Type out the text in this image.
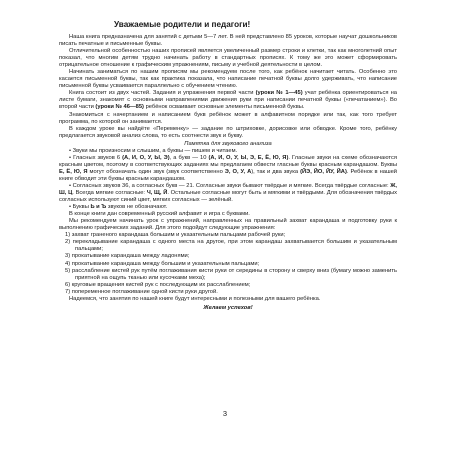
Уважаемые родители и педагоги!

Наша книга предназначена для занятий с детьми 5—7 лет. В ней представлено 85 уроков, которые научат дошкольников писать печатные и письменные буквы.

Отличительной особенностью наших прописей является увеличенный размер строки и клетки, так как многолетний опыт показал, что многим детям трудно начинать работу в стандартных прописях. К тому же это может сформировать отрицательное отношение к графическим упражнениям, письму и учебной деятельности в целом.

Начинать заниматься по нашим прописям мы рекомендуем после того, как ребёнок начитает читать. Особенно это касается письменной буквы, так как практика показала, что написание печатной буквы долго удерживать, что написание письменной буквы усваивается параллельно с обучением чтению.

Книга состоит из двух частей. Задания и упражнения первой части (уроки № 1—45) учат ребёнка ориентироваться на листе бумаги, знакомят с основными направлениями движения руки при написании печатной буквы («печатанием»). Во второй части (уроки № 46—85) ребёнок осваивает основные элементы письменной буквы.

Знакомиться с начертанием и написанием букв ребёнок может в алфавитном порядке или так, как того требует программа, по которой он занимается.

В каждом уроке вы найдёте «Переменку» — задание по штриховке, дорисовке или обводке. Кроме того, ребёнку предлагается звуковой анализ слова, то есть соотнести звук и букву.

Памятка для звукового анализа

• Звуки мы произносим и слышим, а буквы — пишем и читаем.

• Гласных звуков 6 (А, И, О, У, Ы, Э), а букв — 10 (А, И, О, У, Ы, Э, Е, Ё, Ю, Я). Гласные звуки на схеме обозначаются красным цветом, поэтому в соответствующих заданиях мы предлагаем обвести гласные буквы красным карандашом. Буквы Е, Ё, Ю, Я могут обозначать один звук (звук соответственно Э, О, У, А), так и два звука (ЙЭ, ЙО, ЙУ, ЙА). Ребёнок в нашей книге обводит эти буквы красным карандашом.

• Согласных звуков 36, а согласных букв — 21. Согласные звуки бывают твёрдые и мягкие. Всегда твёрдые согласные: Ж, Ш, Ц. Всегда мягкие согласные: Ч, Щ, Й. Остальные согласные могут быть и мягкими и твёрдыми. Для обозначения твёрдых согласных используют синий цвет, мягких согласных — зелёный.

• Буквы Ь и Ъ звуков не обозначают.

В конце книги дан современный русский алфавит и игра с буквами.

Мы рекомендуем начинать урок с упражнений, направленных на правильный захват карандаша и подготовку руки к выполнению графических заданий. Для этого подойдут следующие упражнения:

1) захват граненого карандаша большим и указательным пальцами рабочей руки;

2) перекладывание карандаша с одного места на другое, при этом карандаш захватывается большим и указательным пальцами;

3) прокатывание карандаша между ладонями;

4) прокатывание карандаша между большим и указательным пальцами;

5) расслабление кистей рук путём поглаживания кисти руки от середины в сторону и сверху вниз (бумагу можно заменить приятной на ощупь тканью или кусочками меха);

6) круговые вращения кистей рук с последующим их расслаблением;

7) попеременное поглаживание одной кисти руки другой.

Надеемся, что занятия по нашей книге будут интересными и полезными для вашего ребёнка.

Желаем успехов!

3
